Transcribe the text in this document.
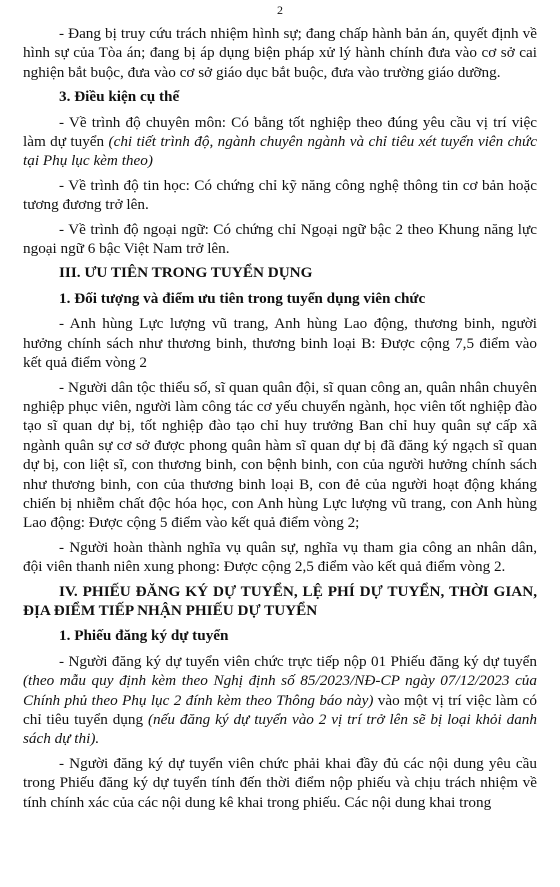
2

- Đang bị truy cứu trách nhiệm hình sự; đang chấp hành bản án, quyết định về hình sự của Tòa án; đang bị áp dụng biện pháp xử lý hành chính đưa vào cơ sở cai nghiện bắt buộc, đưa vào cơ sở giáo dục bắt buộc, đưa vào trường giáo dưỡng.

3. Điều kiện cụ thể

- Về trình độ chuyên môn: Có bằng tốt nghiệp theo đúng yêu cầu vị trí việc làm dự tuyển (chi tiết trình độ, ngành chuyên ngành và chỉ tiêu xét tuyển viên chức tại Phụ lục kèm theo)

- Về trình độ tin học: Có chứng chỉ kỹ năng công nghệ thông tin cơ bản hoặc tương đương trở lên.

- Về trình độ ngoại ngữ: Có chứng chỉ Ngoại ngữ bậc 2 theo Khung năng lực ngoại ngữ 6 bậc Việt Nam trở lên.

III. ƯU TIÊN TRONG TUYỂN DỤNG

1. Đối tượng và điểm ưu tiên trong tuyển dụng viên chức

- Anh hùng Lực lượng vũ trang, Anh hùng Lao động, thương binh, người hưởng chính sách như thương binh, thương binh loại B: Được cộng 7,5 điểm vào kết quả điểm vòng 2

- Người dân tộc thiểu số, sĩ quan quân đội, sĩ quan công an, quân nhân chuyên nghiệp phục viên, người làm công tác cơ yếu chuyển ngành, học viên tốt nghiệp đào tạo sĩ quan dự bị, tốt nghiệp đào tạo chỉ huy trưởng Ban chỉ huy quân sự cấp xã ngành quân sự cơ sở được phong quân hàm sĩ quan dự bị đã đăng ký ngạch sĩ quan dự bị, con liệt sĩ, con thương binh, con bệnh binh, con của người hưởng chính sách như thương binh, con của thương binh loại B, con đẻ của người hoạt động kháng chiến bị nhiễm chất độc hóa học, con Anh hùng Lực lượng vũ trang, con Anh hùng Lao động: Được cộng 5 điểm vào kết quả điểm vòng 2;

- Người hoàn thành nghĩa vụ quân sự, nghĩa vụ tham gia công an nhân dân, đội viên thanh niên xung phong: Được cộng 2,5 điểm vào kết quả điểm vòng 2.

IV. PHIẾU ĐĂNG KÝ DỰ TUYỂN, LỆ PHÍ DỰ TUYỂN, THỜI GIAN, ĐỊA ĐIỂM TIẾP NHẬN PHIẾU DỰ TUYỂN

1. Phiếu đăng ký dự tuyển

- Người đăng ký dự tuyển viên chức trực tiếp nộp 01 Phiếu đăng ký dự tuyển (theo mẫu quy định kèm theo Nghị định số 85/2023/NĐ-CP ngày 07/12/2023 của Chính phủ theo Phụ lục 2 đính kèm theo Thông báo này) vào một vị trí việc làm có chỉ tiêu tuyển dụng (nếu đăng ký dự tuyển vào 2 vị trí trở lên sẽ bị loại khỏi danh sách dự thi).

- Người đăng ký dự tuyển viên chức phải khai đầy đủ các nội dung yêu cầu trong Phiếu đăng ký dự tuyển tính đến thời điểm nộp phiếu và chịu trách nhiệm về tính chính xác của các nội dung kê khai trong phiếu. Các nội dung khai trong
